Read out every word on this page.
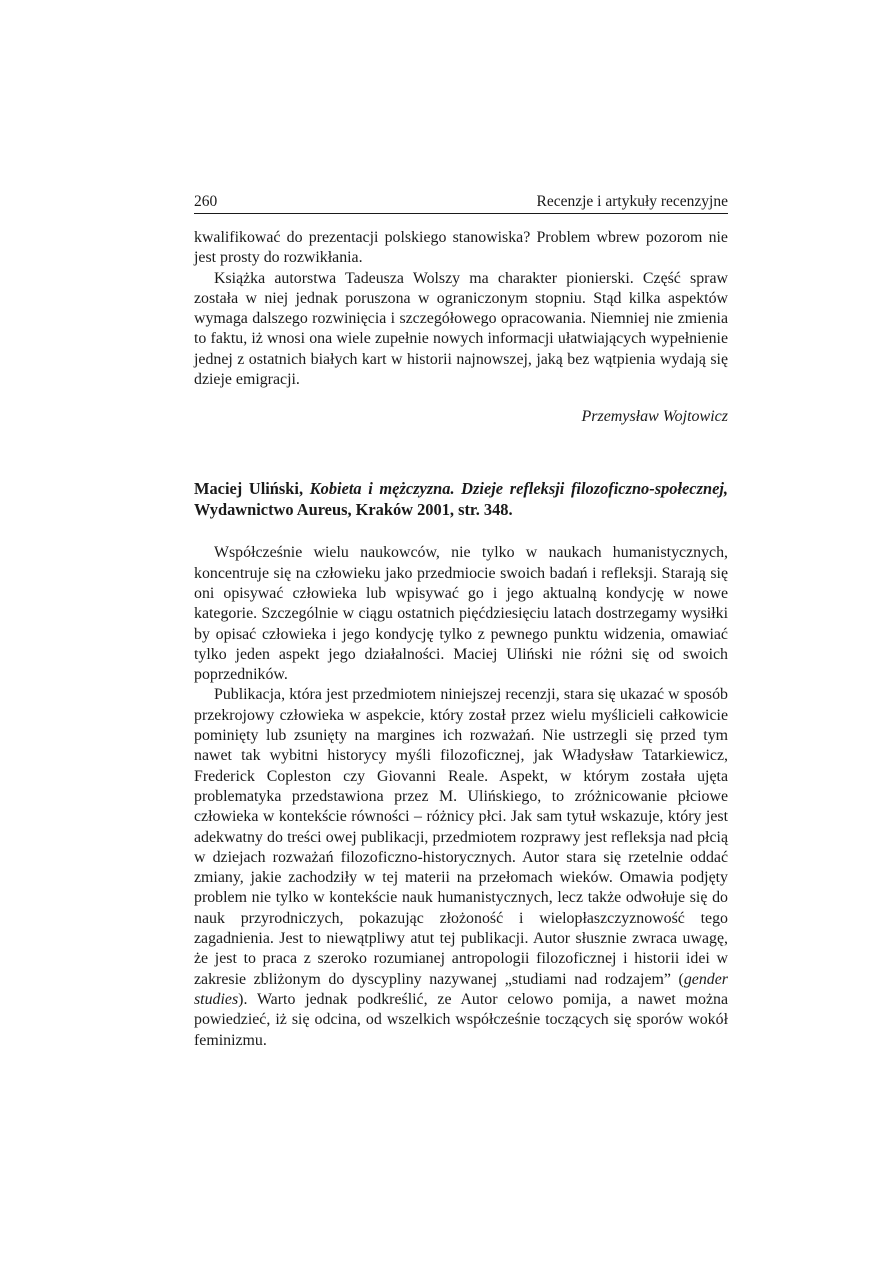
260	Recenzje i artykuły recenzyjne

kwalifikować do prezentacji polskiego stanowiska? Problem wbrew pozorom nie jest prosty do rozwikłania.

Książka autorstwa Tadeusza Wolszy ma charakter pionierski. Część spraw została w niej jednak poruszona w ograniczonym stopniu. Stąd kilka aspektów wymaga dalszego rozwinięcia i szczegółowego opracowania. Niemniej nie zmienia to faktu, iż wnosi ona wiele zupełnie nowych informacji ułatwiających wypełnienie jednej z ostatnich białych kart w historii najnowszej, jaką bez wątpienia wydają się dzieje emigracji.

Przemysław Wojtowicz
Maciej Uliński, Kobieta i mężczyzna. Dzieje refleksji filozoficzno-społecznej, Wydawnictwo Aureus, Kraków 2001, str. 348.

Współcześnie wielu naukowców, nie tylko w naukach humanistycznych, koncentruje się na człowieku jako przedmiocie swoich badań i refleksji. Starają się oni opisywać człowieka lub wpisywać go i jego aktualną kondycję w nowe kategorie. Szczególnie w ciągu ostatnich pięćdziesięciu latach dostrzegamy wysiłki by opisać człowieka i jego kondycję tylko z pewnego punktu widzenia, omawiać tylko jeden aspekt jego działalności. Maciej Uliński nie różni się od swoich poprzedników.

Publikacja, która jest przedmiotem niniejszej recenzji, stara się ukazać w sposób przekrojowy człowieka w aspekcie, który został przez wielu myślicieli całkowicie pominięty lub zsunięty na margines ich rozważań. Nie ustrzegli się przed tym nawet tak wybitni historycy myśli filozoficznej, jak Władysław Tatarkiewicz, Frederick Copleston czy Giovanni Reale. Aspekt, w którym została ujęta problematyka przedstawiona przez M. Ulińskiego, to zróżnicowanie płciowe człowieka w kontekście równości – różnicy płci. Jak sam tytuł wskazuje, który jest adekwatny do treści owej publikacji, przedmiotem rozprawy jest refleksja nad płcią w dziejach rozważań filozoficzno-historycznych. Autor stara się rzetelnie oddać zmiany, jakie zachodziły w tej materii na przełomach wieków. Omawia podjęty problem nie tylko w kontekście nauk humanistycznych, lecz także odwołuje się do nauk przyrodniczych, pokazując złożoność i wielopłaszczyznowość tego zagadnienia. Jest to niewątpliwy atut tej publikacji. Autor słusznie zwraca uwagę, że jest to praca z szeroko rozumianej antropologii filozoficznej i historii idei w zakresie zbliżonym do dyscypliny nazywanej „studiami nad rodzajem” (gender studies). Warto jednak podkreślić, ze Autor celowo pomija, a nawet można powiedzieć, iż się odcina, od wszelkich współcześnie toczących się sporów wokół feminizmu.
